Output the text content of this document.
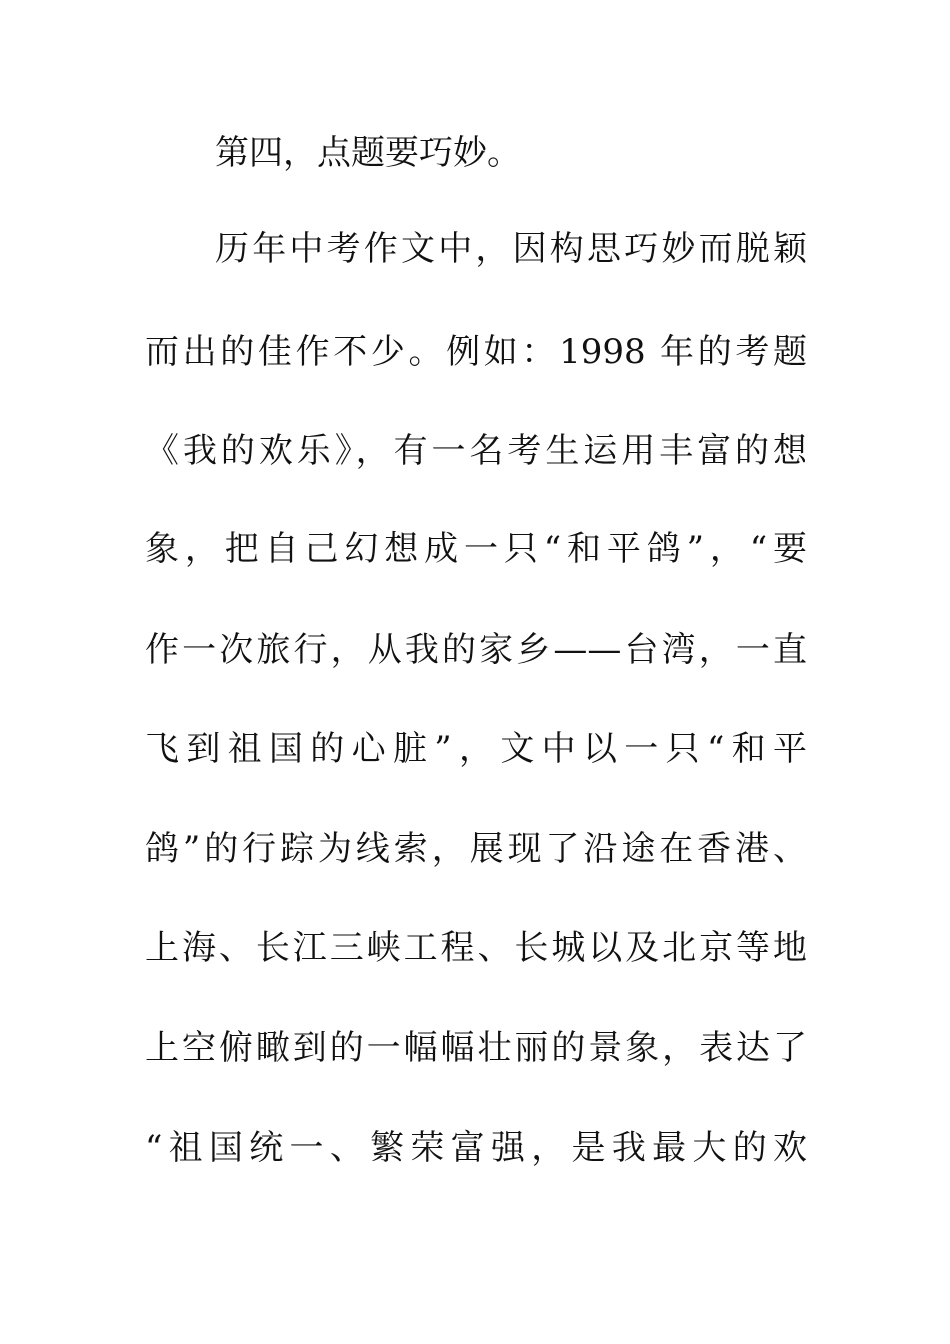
第四，点题要巧妙。
历年中考作文中，因构思巧妙而脱颖
而出的佳作不少。例如：1998 年的考题
《我的欢乐》，有一名考生运用丰富的想
象，把自己幻想成一只“和平鸽”，“要
作一次旅行，从我的家乡——台湾，一直
飞到祖国的心脏”，文中以一只“和平
鸽”的行踪为线索，展现了沿途在香港、
上海、长江三峡工程、长城以及北京等地
上空俯瞰到的一幅幅壮丽的景象，表达了
“祖国统一、繁荣富强，是我最大的欢
